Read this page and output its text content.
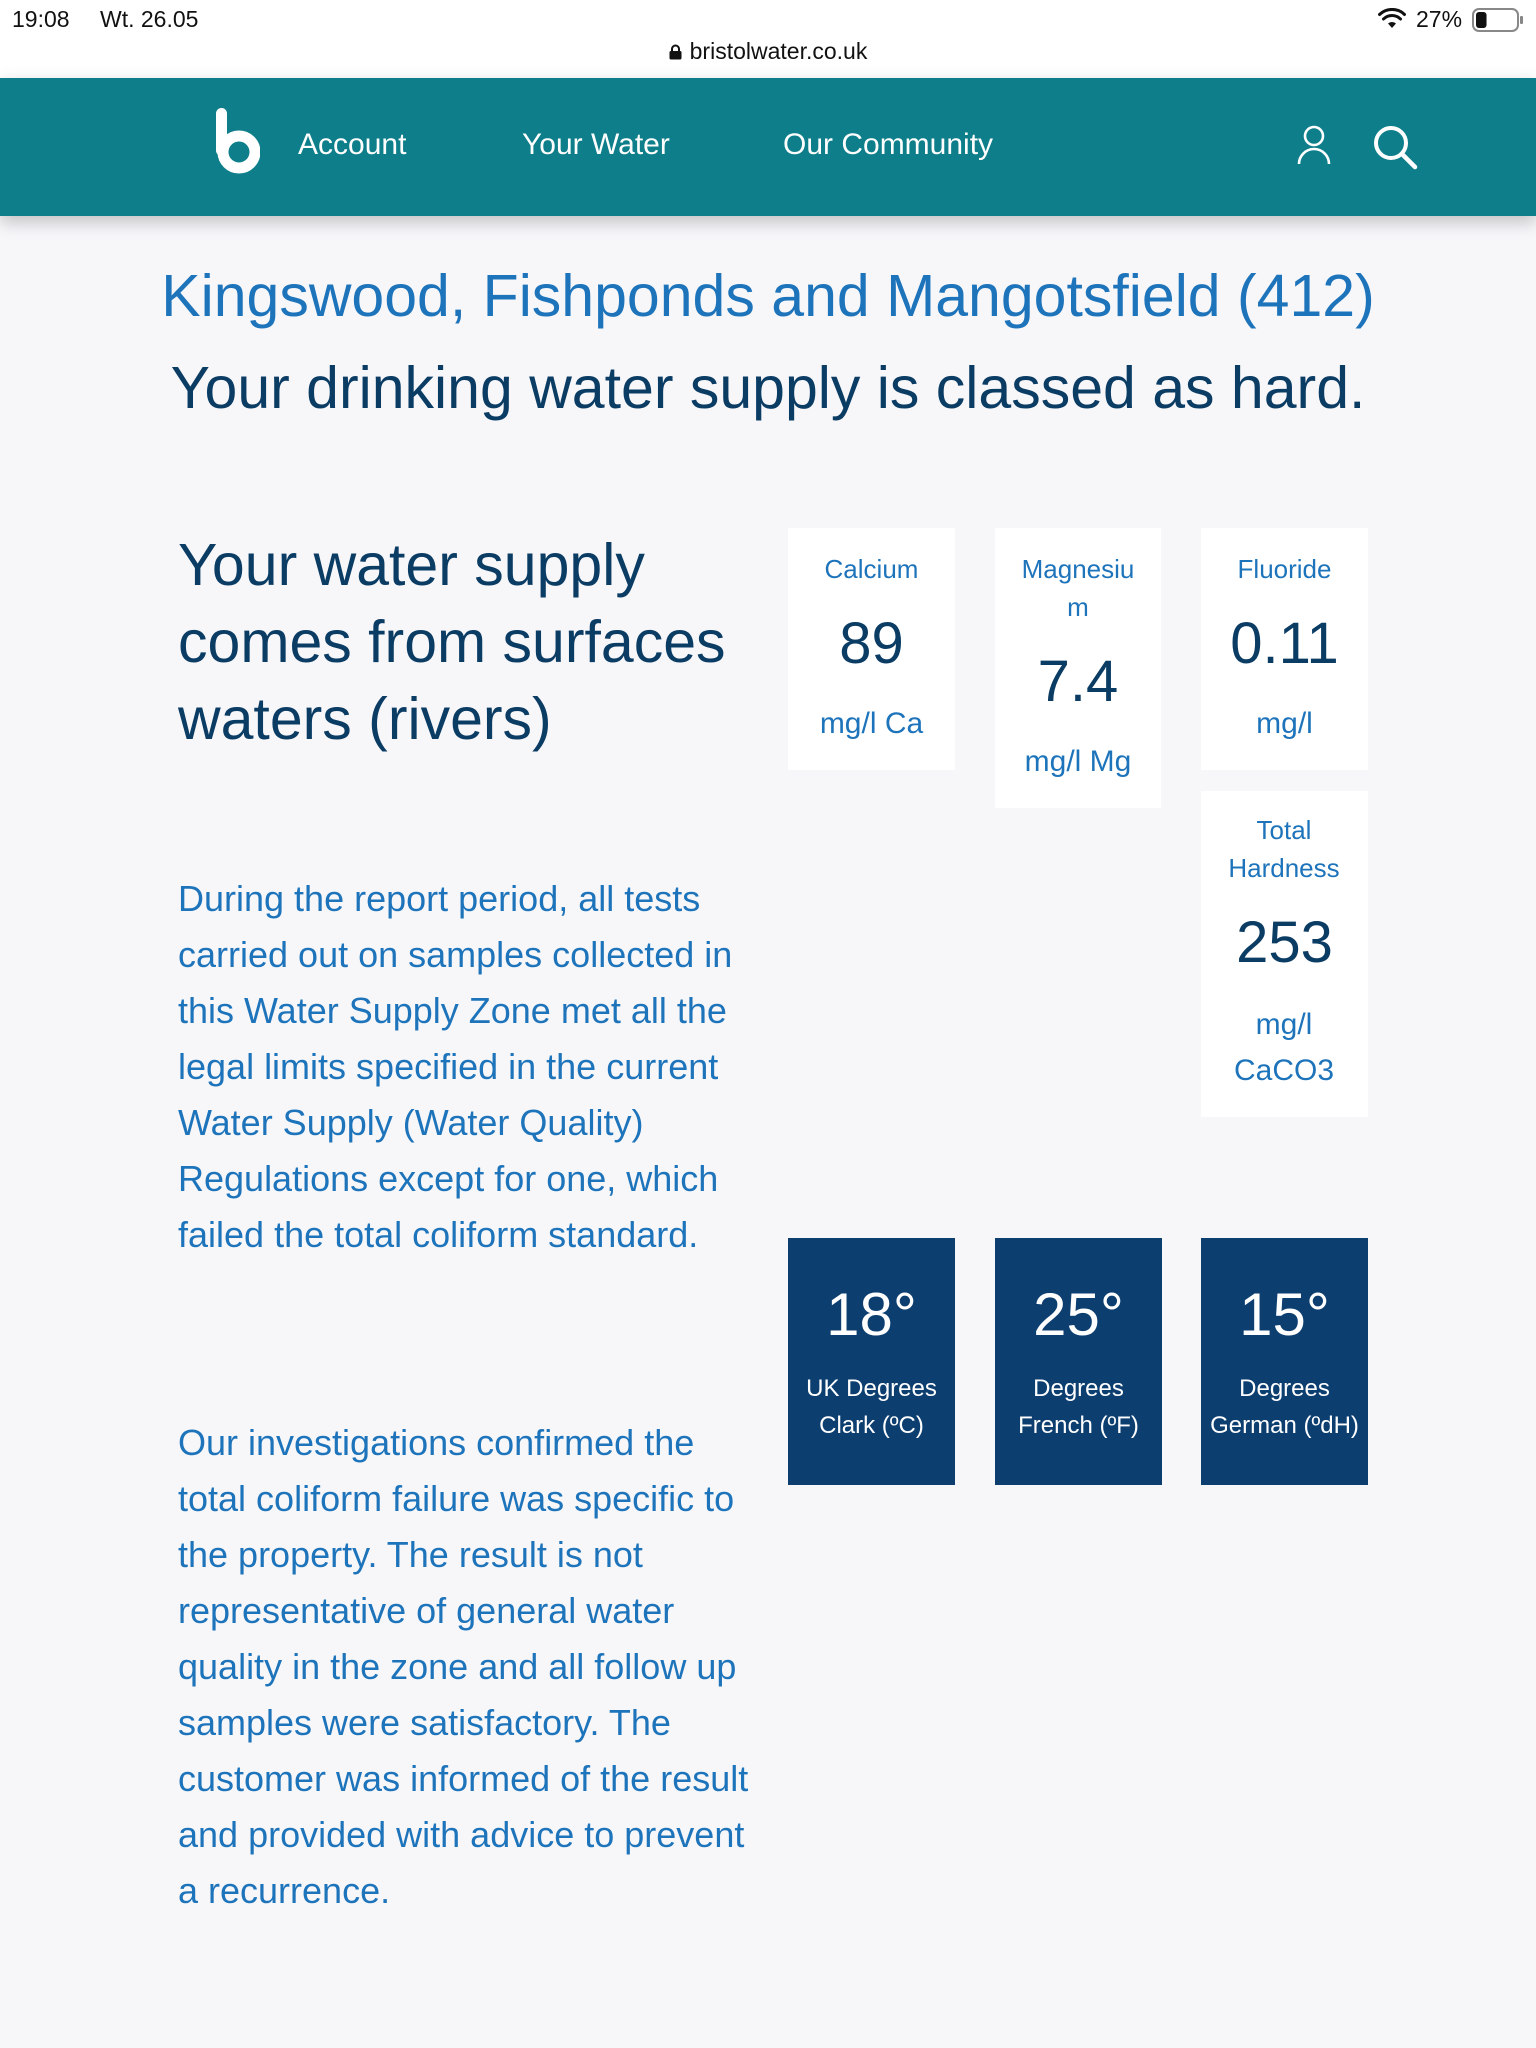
19:08 Wt. 26.05	27%
bristolwater.co.uk
Account	Your Water	Our Community
Kingswood, Fishponds and Mangotsfield (412)
Your drinking water supply is classed as hard.
Your water supply comes from surfaces waters (rivers)

During the report period, all tests carried out on samples collected in this Water Supply Zone met all the legal limits specified in the current Water Supply (Water Quality) Regulations except for one, which failed the total coliform standard.

Our investigations confirmed the total coliform failure was specific to the property. The result is not representative of general water quality in the zone and all follow up samples were satisfactory. The customer was informed of the result and provided with advice to prevent a recurrence.

Calcium
89
mg/l Ca
Magnesiu m
7.4
mg/l Mg
Fluoride
0.11
mg/l
Total Hardness
253
mg/l CaCO3
18°
UK Degrees Clark (ºC)
25°
Degrees French (ºF)
15°
Degrees German (ºdH)
